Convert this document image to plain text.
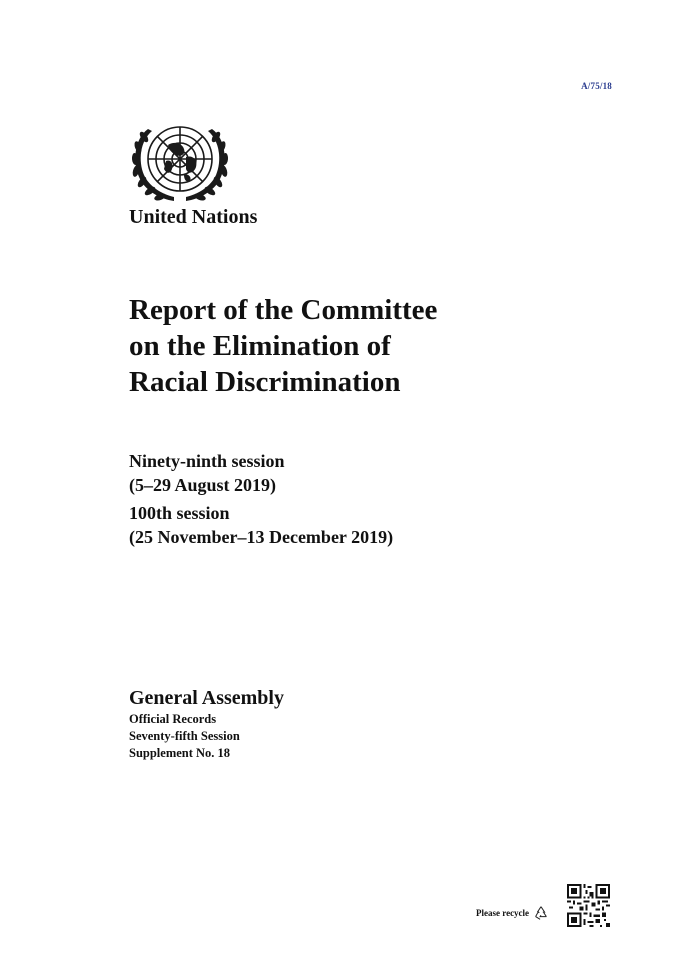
A/75/18
United Nations
Report of the Committee
on the Elimination of
Racial Discrimination
Ninety-ninth session
(5–29 August 2019)
100th session
(25 November–13 December 2019)
General Assembly
Official Records
Seventy-fifth Session
Supplement No. 18
Please recycle
